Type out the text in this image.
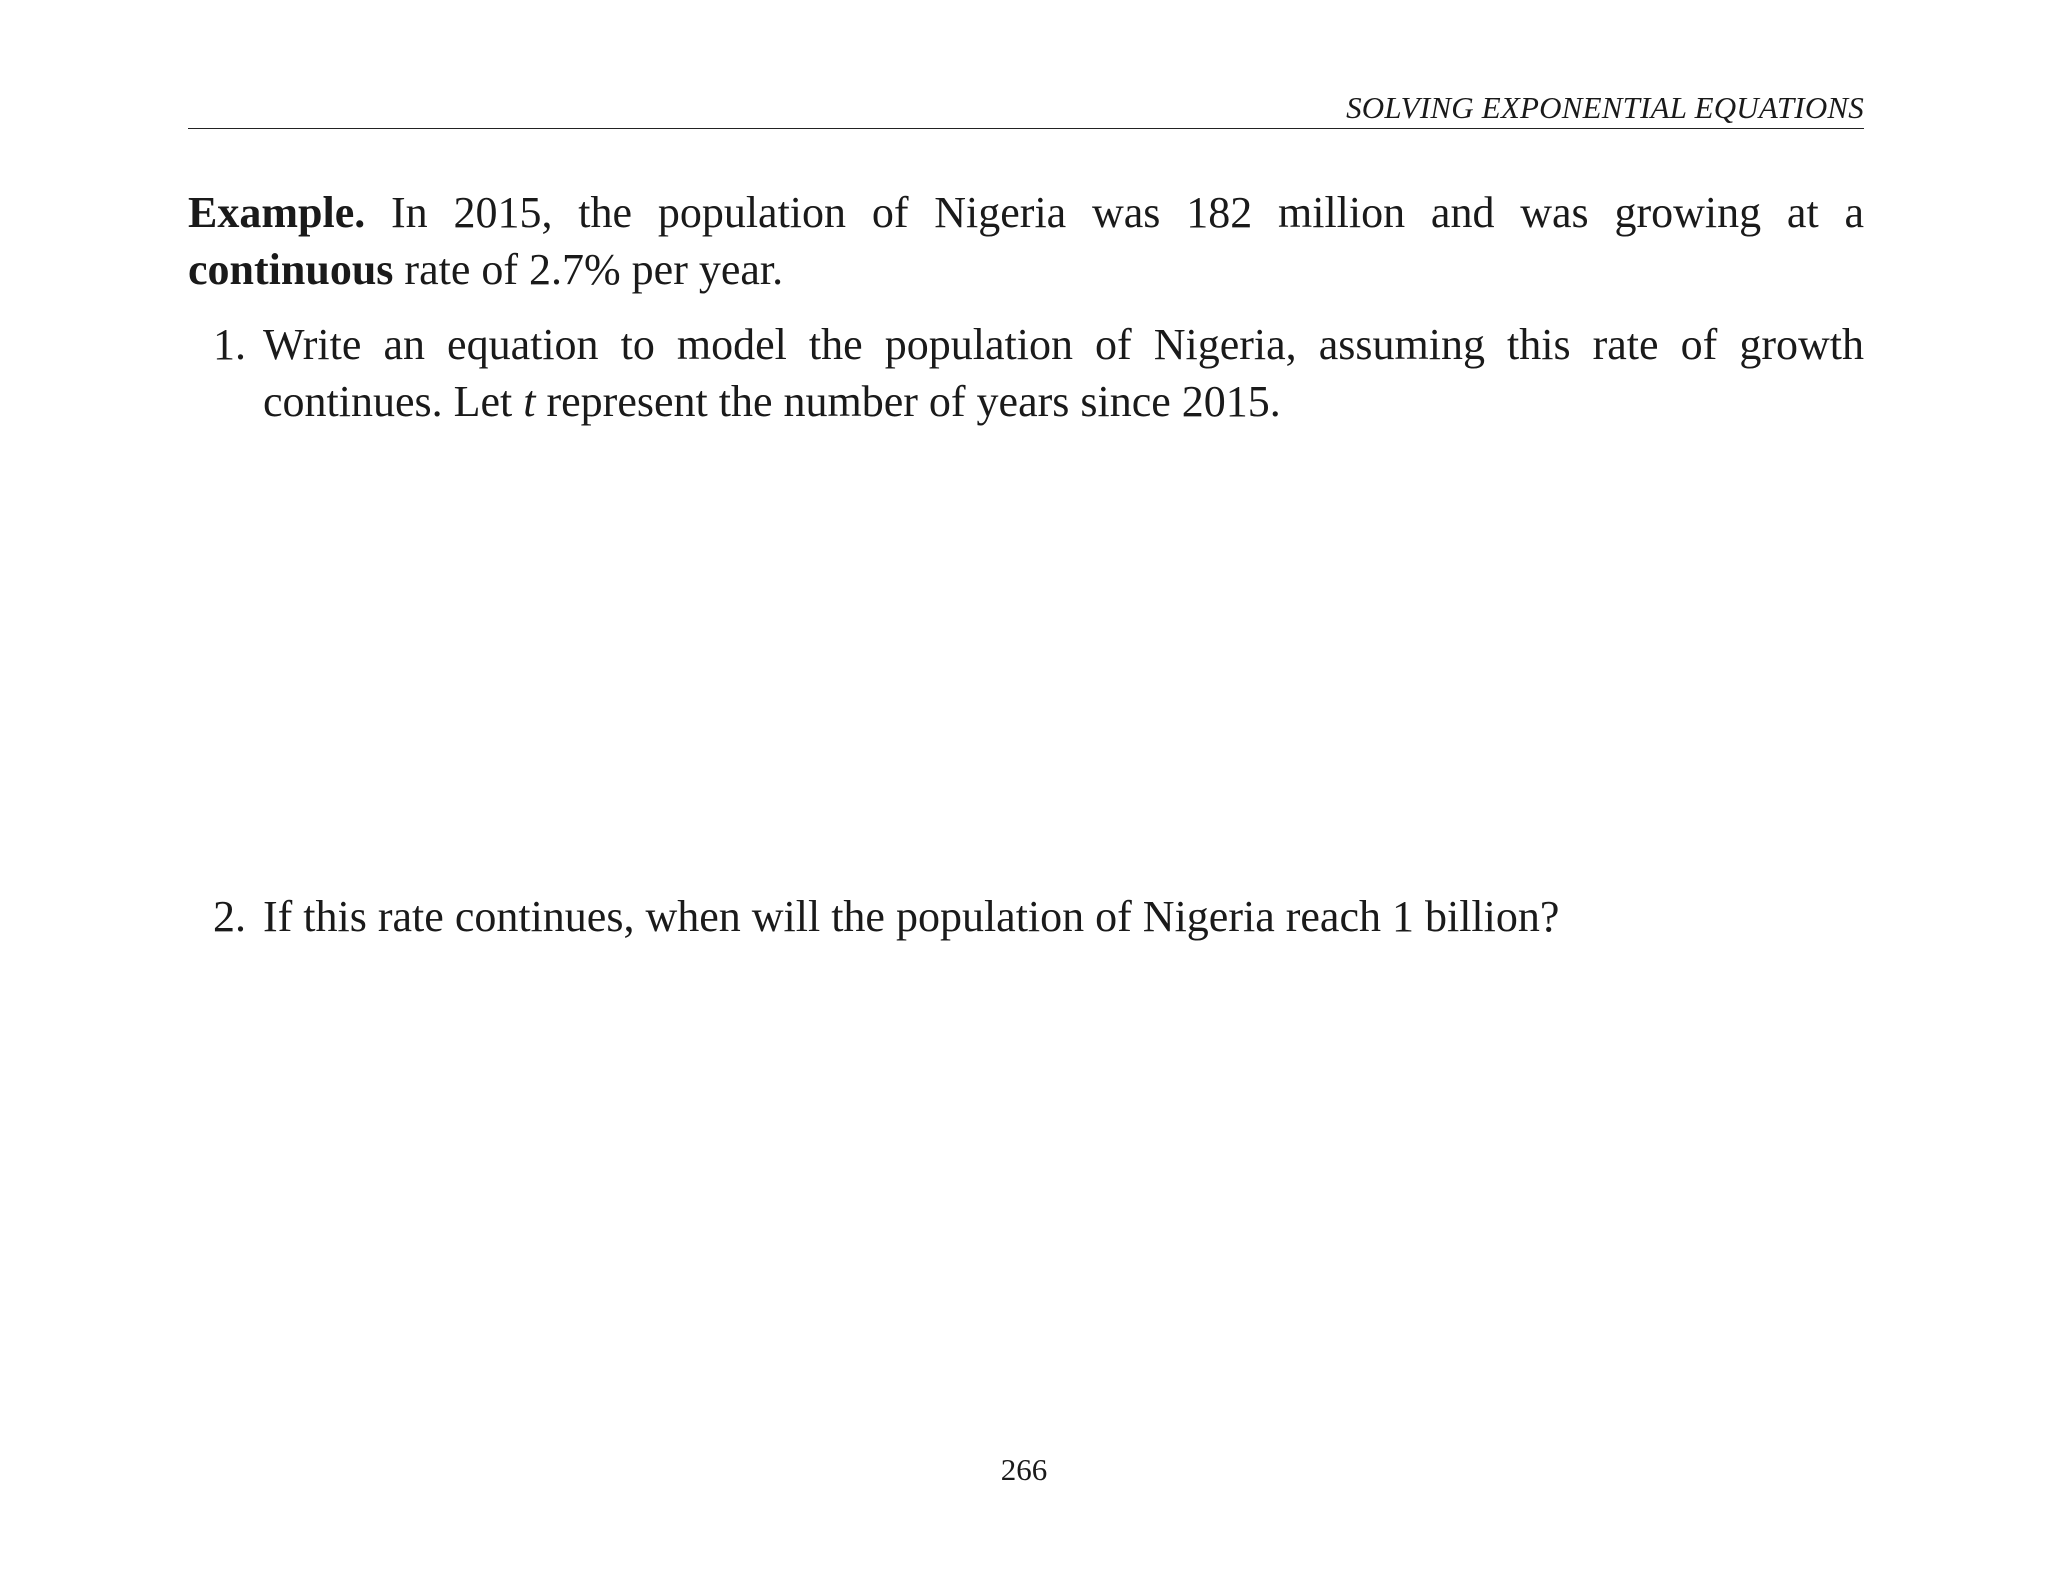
SOLVING EXPONENTIAL EQUATIONS

Example. In 2015, the population of Nigeria was 182 million and was growing at a continuous rate of 2.7% per year.

1. Write an equation to model the population of Nigeria, assuming this rate of growth continues. Let t represent the number of years since 2015.
2. If this rate continues, when will the population of Nigeria reach 1 billion?
266
